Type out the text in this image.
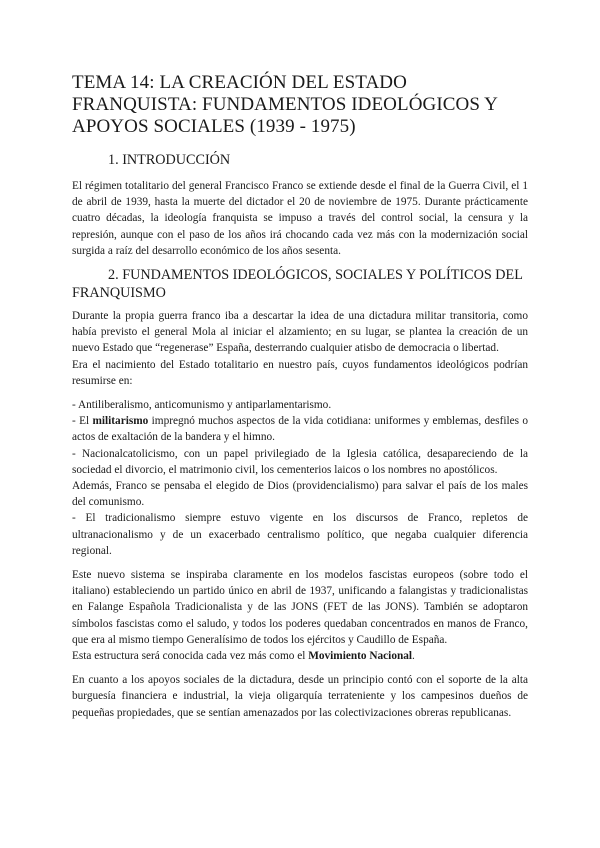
TEMA 14: LA CREACIÓN DEL ESTADO FRANQUISTA: FUNDAMENTOS IDEOLÓGICOS Y APOYOS SOCIALES (1939 - 1975)
1. INTRODUCCIÓN

El régimen totalitario del general Francisco Franco se extiende desde el final de la Guerra Civil, el 1 de abril de 1939, hasta la muerte del dictador el 20 de noviembre de 1975. Durante prácticamente cuatro décadas, la ideología franquista se impuso a través del control social, la censura y la represión, aunque con el paso de los años irá chocando cada vez más con la modernización social surgida a raíz del desarrollo económico de los años sesenta.

2. FUNDAMENTOS IDEOLÓGICOS, SOCIALES Y POLÍTICOS DEL FRANQUISMO

Durante la propia guerra franco iba a descartar la idea de una dictadura militar transitoria, como había previsto el general Mola al iniciar el alzamiento; en su lugar, se plantea la creación de un nuevo Estado que “regenerase” España, desterrando cualquier atisbo de democracia o libertad.

Era el nacimiento del Estado totalitario en nuestro país, cuyos fundamentos ideológicos podrían resumirse en:

- Antiliberalismo, anticomunismo y antiparlamentarismo.

- El militarismo impregnó muchos aspectos de la vida cotidiana: uniformes y emblemas, desfiles o actos de exaltación de la bandera y el himno.

- Nacionalcatolicismo, con un papel privilegiado de la Iglesia católica, desapareciendo de la sociedad el divorcio, el matrimonio civil, los cementerios laicos o los nombres no apostólicos.

Además, Franco se pensaba el elegido de Dios (providencialismo) para salvar el país de los males del comunismo.

- El tradicionalismo siempre estuvo vigente en los discursos de Franco, repletos de ultranacionalismo y de un exacerbado centralismo político, que negaba cualquier diferencia regional.

Este nuevo sistema se inspiraba claramente en los modelos fascistas europeos (sobre todo el italiano) estableciendo un partido único en abril de 1937, unificando a falangistas y tradicionalistas en Falange Española Tradicionalista y de las JONS (FET de las JONS). También se adoptaron símbolos fascistas como el saludo, y todos los poderes quedaban concentrados en manos de Franco, que era al mismo tiempo Generalísimo de todos los ejércitos y Caudillo de España.

Esta estructura será conocida cada vez más como el Movimiento Nacional.

En cuanto a los apoyos sociales de la dictadura, desde un principio contó con el soporte de la alta burguesía financiera e industrial, la vieja oligarquía terrateniente y los campesinos dueños de pequeñas propiedades, que se sentían amenazados por las colectivizaciones obreras republicanas.
